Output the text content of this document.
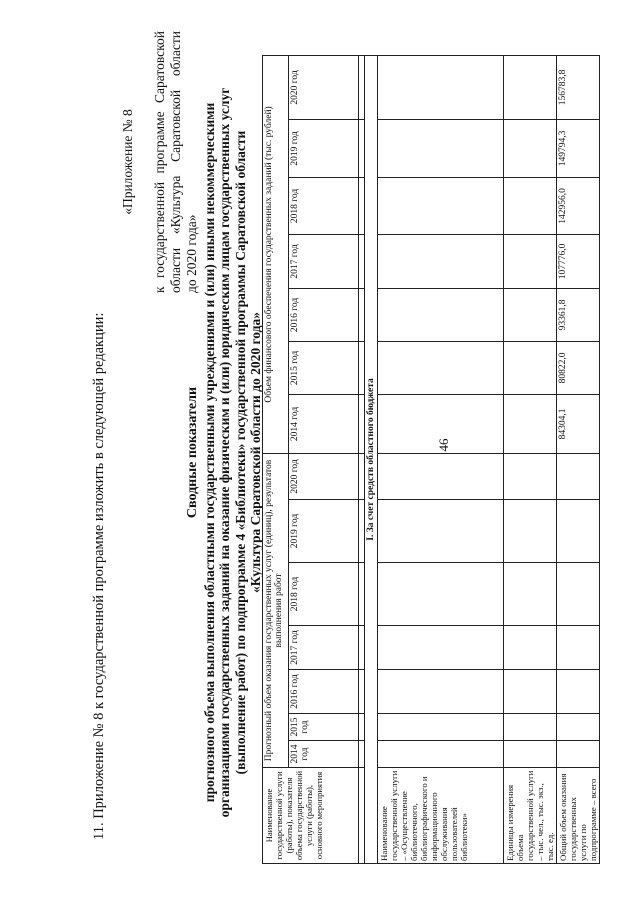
46
11. Приложение № 8 к государственной программе изложить в следующей редакции:
«Приложение № 8 к государственной программе Саратовской области «Культура Саратовской области до 2020 года»
Сводные показатели прогнозного объема выполнения областными государственными учреждениями и (или) иными некоммерческими организациями государственных заданий на оказание физическим и (или) юридическим лицам государственных услуг (выполнение работ) по подпрограмме 4 «Библиотеки» государственной программы Саратовской области «Культура Саратовской области до 2020 года»
Наименование государственной услуги (работы), показателя объема государственной услуги (работы), основного мероприятия	Прогнозный объем оказания государственных услуг (единиц), результатов выполнения работ							Объем финансового обеспечения государственных заданий (тыс. рублей)						
	2014 год	2015 год	2016 год	2017 год	2018 год	2019 год	2020 год	2014 год	2015 год	2016 год	2017 год	2018 год	2019 год	2020 год

I. За счет средств областного бюджета														
Наименование государственной услуги – «Осуществление библиотечного, библиографического и информационного обслуживания пользователей библиотеки»														
Единицы измерения объема государственной услуги – тыс. чел., тыс. экз., тыс. ед.														
Общий объем оказания государственных услуги по подпрограмме – всего								84304,1	80822,0	93361,8	107776,0	142956,0	149794,3	156783,8
